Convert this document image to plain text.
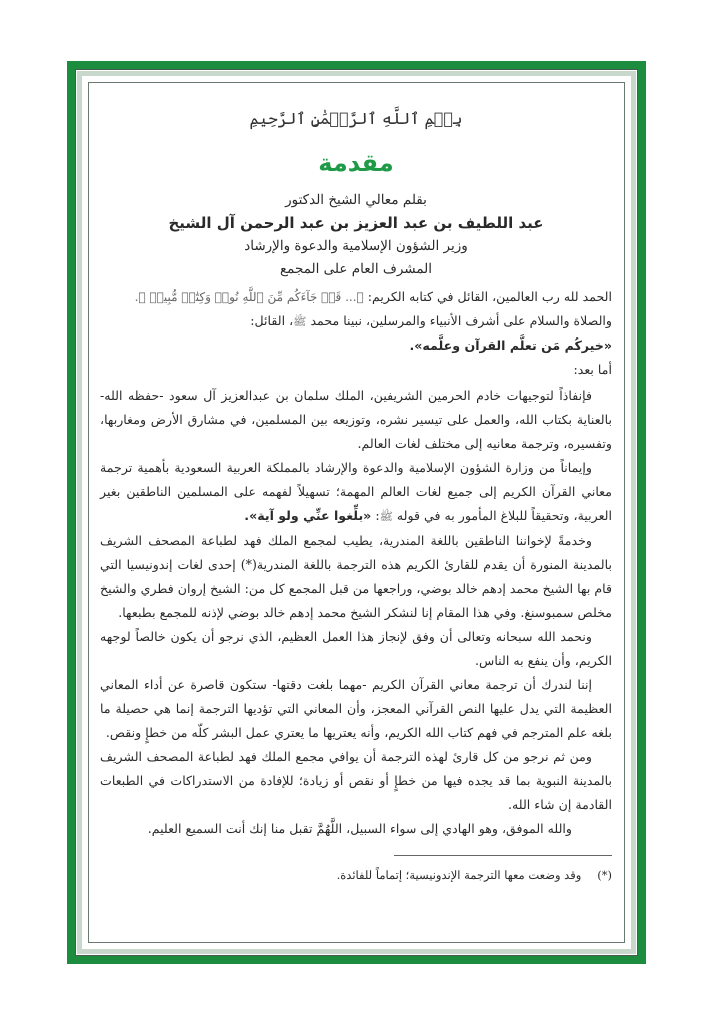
بِسۡمِ ٱللَّهِ ٱلرَّحۡمَٰنِ ٱلرَّحِيمِ
مقدمة
بقلم معالي الشيخ الدكتور
عبد اللطيف بن عبد العزيز بن عبد الرحمن آل الشيخ
وزير الشؤون الإسلامية والدعوة والإرشاد
المشرف العام على المجمع
الحمد لله رب العالمين، القائل في كتابه الكريم: ﴿... قَدۡ جَآءَكُم مِّنَ ٱللَّهِ نُورٞ وَكِتَٰبٞ مُّبِينٞ ﴾.
والصلاة والسلام على أشرف الأنبياء والمرسلين، نبينا محمد ﷺ، القائل:
«خيركُم مَن تعلَّم القرآن وعلَّمه».
أما بعد:
فإنفاذاً لتوجيهات خادم الحرمين الشريفين، الملك سلمان بن عبدالعزيز آل سعود -حفظه الله- بالعناية بكتاب الله، والعمل على تيسير نشره، وتوزيعه بين المسلمين، في مشارق الأرض ومغاربها، وتفسيره، وترجمة معانيه إلى مختلف لغات العالم.
وإيماناً من وزارة الشؤون الإسلامية والدعوة والإرشاد بالمملكة العربية السعودية بأهمية ترجمة معاني القرآن الكريم إلى جميع لغات العالم المهمة؛ تسهيلاً لفهمه على المسلمين الناطقين بغير العربية، وتحقيقاً للبلاغ المأمور به في قوله ﷺ: «بلِّغوا عنِّي ولو آية».
وخدمةً لإخواننا الناطقين باللغة المندرية، يطيب لمجمع الملك فهد لطباعة المصحف الشريف بالمدينة المنورة أن يقدم للقارئ الكريم هذه الترجمة باللغة المندرية(*) إحدى لغات إندونيسيا التي قام بها الشيخ محمد إدهم خالد بوضي، وراجعها من قبل المجمع كل من: الشيخ إروان فطري والشيخ مخلص سمبوسنغ. وفي هذا المقام إنا لنشكر الشيخ محمد إدهم خالد بوضي لإذنه للمجمع بطبعها.
ونحمد الله سبحانه وتعالى أن وفق لإنجاز هذا العمل العظيم، الذي نرجو أن يكون خالصاً لوجهه الكريم، وأن ينفع به الناس.
إننا لندرك أن ترجمة معاني القرآن الكريم -مهما بلغت دقتها- ستكون قاصرة عن أداء المعاني العظيمة التي يدل عليها النص القرآني المعجز، وأن المعاني التي تؤديها الترجمة إنما هي حصيلة ما بلغه علم المترجم في فهم كتاب الله الكريم، وأنه يعتريها ما يعتري عمل البشر كلّه من خطإٍ ونقص.
ومن ثم نرجو من كل قارئ لهذه الترجمة أن يوافي مجمع الملك فهد لطباعة المصحف الشريف بالمدينة النبوية بما قد يجده فيها من خطإٍ أو نقص أو زيادة؛ للإفادة من الاستدراكات في الطبعات القادمة إن شاء الله.
والله الموفق، وهو الهادي إلى سواء السبيل، اللَّهُمَّ تقبل منا إنك أنت السميع العليم.
(*)وقد وضعت معها الترجمة الإندونيسية؛ إتماماً للفائدة.
